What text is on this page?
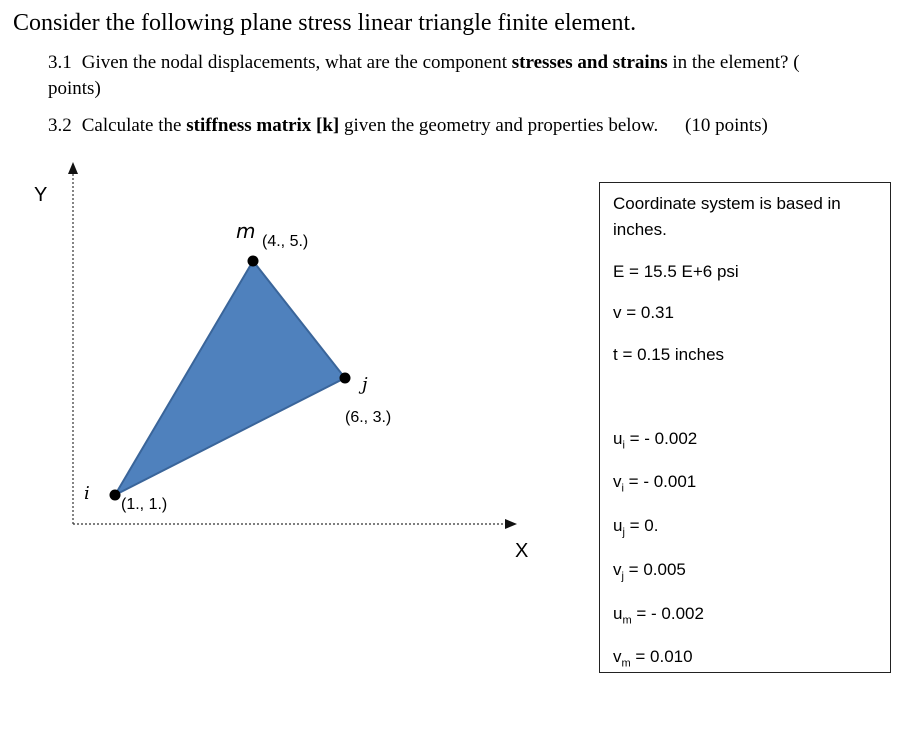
Consider the following plane stress linear triangle finite element.
3.1 Given the nodal displacements, what are the component stresses and strains in the element? (
points)
3.2 Calculate the stiffness matrix [k] given the geometry and properties below. (10 points)
Y
X
i
j
m
(1., 1.)
(6., 3.)
(4., 5.)
Coordinate system is based in inches.
E = 15.5 E+6 psi
v = 0.31
t = 0.15 inches
$u_i$ = - 0.002
$v_i$ = - 0.001
$u_j = 0$.
$v_j = 0.005$
$u_m$ = - 0.002
$v_m = 0.010$
